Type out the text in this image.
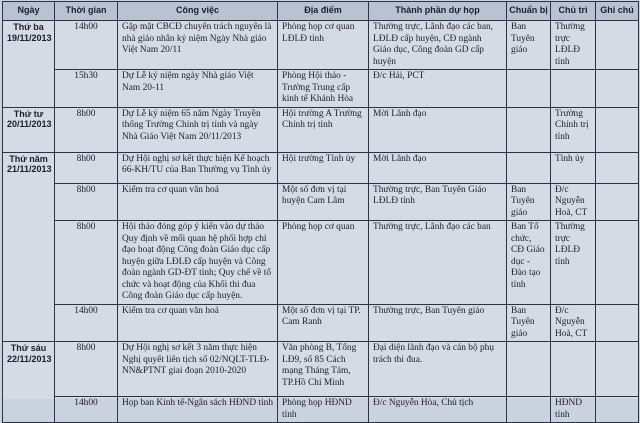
Ngày	Thời gian	Công việc	Địa điểm	Thành phần dự họp	Chuẩn bị	Chủ trì	Ghi chú

Thứ ba
19/11/2013	14h00	Gặp mặt CBCĐ chuyên trách nguyên là nhà giáo nhân kỷ niệm Ngày Nhà giáo Việt Nam 20/11	Phòng họp cơ quan LĐLĐ tỉnh	Thường trực, Lãnh đạo các ban, LĐLĐ cấp huyện, CĐ ngành Giáo dục, Công đoàn GD cấp huyện	Ban Tuyên giáo	Thường trực LĐLĐ tỉnh	
	15h30	Dự Lễ kỷ niệm ngày Nhà giáo Việt Nam 20-11	Phòng Hội thảo - Trường Trung cấp kinh tế Khánh Hòa	Đ/c Hải, PCT			

Thứ tư
20/11/2013	8h00	Dự Lễ kỷ niệm 65 năm Ngày Truyền thống Trường Chính trị tỉnh và ngày Nhà Giáo Việt Nam 20/11/2013	Hội trường A Trường Chính trị tỉnh	Mời Lãnh đạo		Trường Chính trị tỉnh	

Thứ năm
21/11/2013	8h00	Dự Hội nghị sơ kết thực hiện Kế hoạch 66-KH/TU của Ban Thường vụ Tỉnh ủy	Hội trường Tỉnh ủy	Mời Lãnh đạo		Tỉnh ủy	
	8h00	Kiểm tra cơ quan văn hoá	Một số đơn vị tại huyện Cam Lâm	Thường trực, Ban Tuyên Giáo LĐLĐ tỉnh	Ban Tuyên giáo	Đ/c Nguyễn Hoà, CT	
	8h00	Hội thảo đóng góp ý kiến vào dự thảo Quy định về mối quan hệ phối hợp chỉ đạo hoạt động Công đoàn Giáo dục cấp huyện giữa LĐLĐ cấp huyện và Công đoàn ngành GD-ĐT tỉnh; Quy chế về tổ chức và hoạt động của Khối thi đua Công đoàn Giáo dục cấp huyện.	Phòng họp cơ quan	Thường trực, Lãnh đạo các ban	Ban Tổ chức, CĐ Giáo dục - Đào tạo tỉnh	Thường trực LĐLĐ tỉnh	
	14h00	Kiểm tra cơ quan văn hoá	Một số đơn vị tại TP. Cam Ranh	Thường trực, Ban Tuyên giáo	Ban Tuyên giáo	Đ/c Nguyễn Hoà, CT	

Thứ sáu
22/11/2013	8h00	Dự Hội nghị sơ kết 3 năm thực hiện Nghị quyết liên tịch số 02/NQLT-TLĐ-NN&PTNT giai đoạn 2010-2020	Văn phòng B, Tổng LĐ9, số 85 Cách mạng Tháng Tám, TP.Hồ Chí Minh	Đại diện lãnh đạo và cán bộ phụ trách thi đua.			
	14h00	Họp ban Kinh tế-Ngân sách HĐND tỉnh	Phòng họp HĐND tỉnh	Đ/c Nguyễn Hòa, Chủ tịch		HĐND tỉnh	
